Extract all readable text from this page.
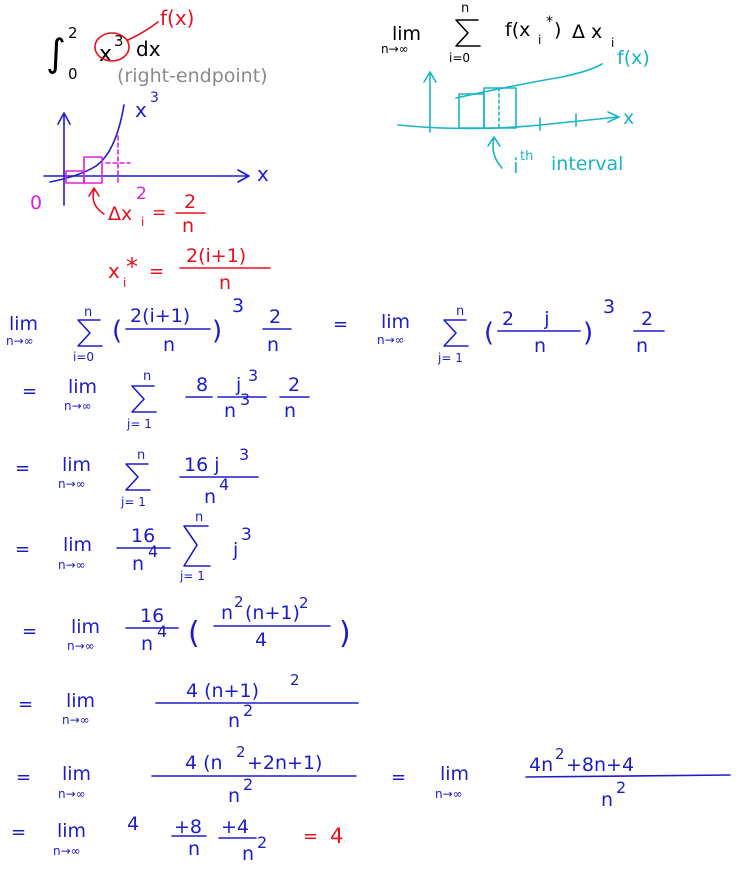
∫ 2
0
x
3 dx
f(x)
(right-endpoint)
lim
n→∞
n
i=0
f(x i
* ) Δ x i
f(x)
x
i th interval
x 3
x
0	2
Δx i = 2
n
x i
* =
2(i+1)
n
lim
n→∞
n
i=0
( 2(i+1)
n )
3 2
n
= lim
n→∞
n
j= 1
( 2     j
n )
3
2
n
= lim
n→∞
n
j= 1
8 j 3
n
3
2
n
= lim
n→∞
n
j= 1
16 j 3
n
4
= lim
n→∞
16
n
4
n
j= 1
j
3
= lim
n→∞
16
n
4 (
n 2 (n+1) 2
4 )
= lim
n→∞
4 (n+1) 2
n 2
= lim
n→∞
4 (n 2 +2n+1)
n
2	= lim
n→∞
4n 2 +8n+4
n
2
= lim
n→∞
4 +8
n
+4
n
2 = 4
